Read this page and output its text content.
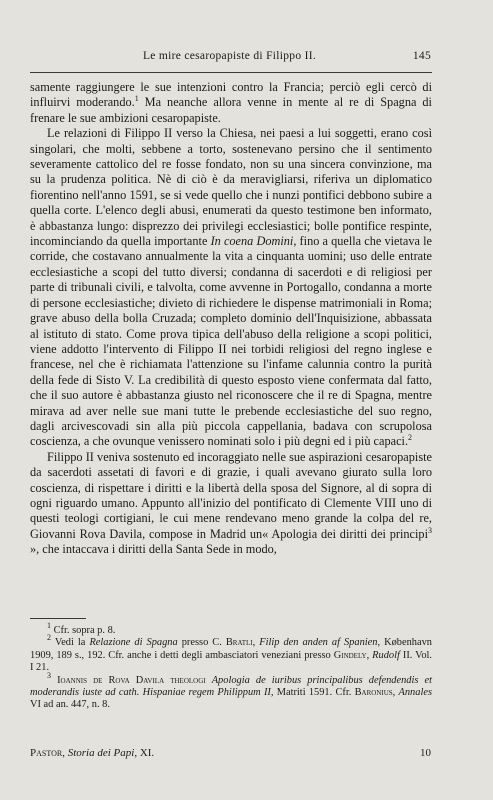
Le mire cesaropapiste di Filippo II.	145

samente raggiungere le sue intenzioni contro la Francia; perciò egli cercò di influirvi moderando.$^1$ Ma neanche allora venne in mente al re di Spagna di frenare le sue ambizioni cesaropapiste.

Le relazioni di Filippo II verso la Chiesa, nei paesi a lui soggetti, erano così singolari, che molti, sebbene a torto, sostenevano persino che il sentimento severamente cattolico del re fosse fondato, non su una sincera convinzione, ma su la prudenza politica. Nè di ciò è da meravigliarsi, riferiva un diplomatico fiorentino nell'anno 1591, se si vede quello che i nunzi pontifici debbono subire a quella corte. L'elenco degli abusi, enumerati da questo testimone ben informato, è abbastanza lungo: disprezzo dei privilegi ecclesiastici; bolle pontifice respinte, incominciando da quella importante In coena Domini, fino a quella che vietava le corride, che costavano annualmente la vita a cinquanta uomini; uso delle entrate ecclesiastiche a scopi del tutto diversi; condanna di sacerdoti e di religiosi per parte di tribunali civili, e talvolta, come avvenne in Portogallo, condanna a morte di persone ecclesiastiche; divieto di richiedere le dispense matrimoniali in Roma; grave abuso della bolla Cruzada; completo dominio dell'Inquisizione, abbassata al istituto di stato. Come prova tipica dell'abuso della religione a scopi politici, viene addotto l'intervento di Filippo II nei torbidi religiosi del regno inglese e francese, nel che è richiamata l'attenzione su l'infame calunnia contro la purità della fede di Sisto V. La credibilità di questo esposto viene confermata dal fatto, che il suo autore è abbastanza giusto nel riconoscere che il re di Spagna, mentre mirava ad aver nelle sue mani tutte le prebende ecclesiastiche del suo regno, dagli arcivescovadi sin alla più piccola cappellania, badava con scrupolosa coscienza, a che ovunque venissero nominati solo i più degni ed i più capaci.$^2$

Filippo II veniva sostenuto ed incoraggiato nelle sue aspirazioni cesaropapiste da sacerdoti assetati di favori e di grazie, i quali avevano giurato sulla loro coscienza, di rispettare i diritti e la libertà della sposa del Signore, al di sopra di ogni riguardo umano. Appunto all'inizio del pontificato di Clemente VIII uno di questi teologi cortigiani, le cui mene rendevano meno grande la colpa del re, Giovanni Rova Davila, compose in Madrid un« Apologia dei diritti dei principi$^3$ », che intaccava i diritti della Santa Sede in modo,

$^1$ Cfr. sopra p. 8.

$^2$ Vedi la Relazione di Spagna presso C. Bratli, Filip den anden af Spanien, København 1909, 189 s., 192. Cfr. anche i detti degli ambasciatori veneziani presso Gindely, Rudolf II. Vol. I 21.

$^3$ Ioannis de Rova Davila theologi Apologia de iuribus principalibus defendendis et moderandis iuste ad cath. Hispaniae regem Philippum II, Matriti 1591. Cfr. Baronius, Annales VI ad an. 447, n. 8.

Pastor, Storia dei Papi, XI.	10
